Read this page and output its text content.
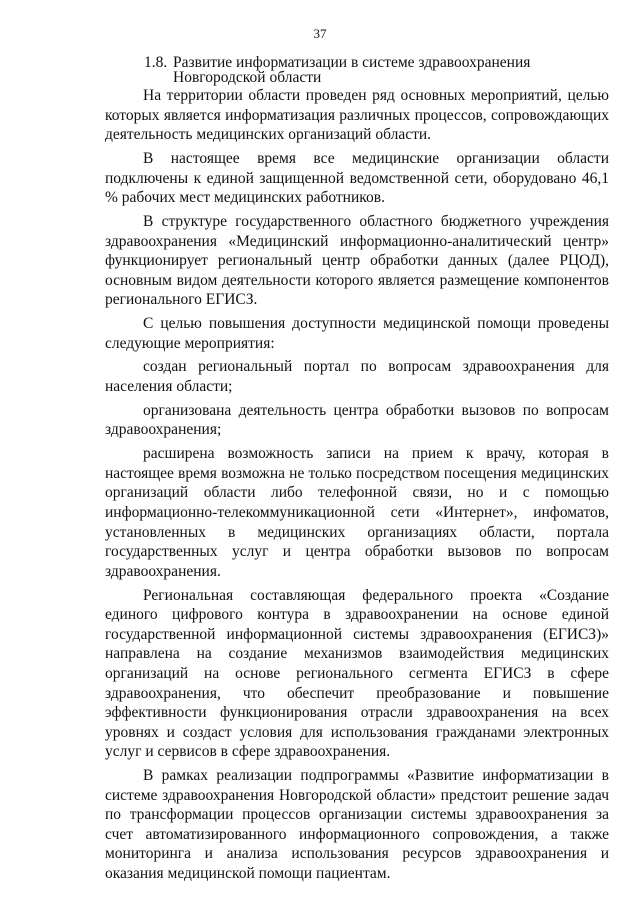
37
1.8. Развитие информатизации в системе здравоохранения
Новгородской области

На территории области проведен ряд основных мероприятий, целью которых является информатизация различных процессов, сопровождающих деятельность медицинских организаций области.

В настоящее время все медицинские организации области подключены к единой защищенной ведомственной сети, оборудовано 46,1 % рабочих мест медицинских работников.

В структуре государственного областного бюджетного учреждения здравоохранения «Медицинский информационно-аналитический центр» функционирует региональный центр обработки данных (далее РЦОД), основным видом деятельности которого является размещение компонентов регионального ЕГИСЗ.

С целью повышения доступности медицинской помощи проведены следующие мероприятия:

создан региональный портал по вопросам здравоохранения для населения области;

организована деятельность центра обработки вызовов по вопросам здравоохранения;

расширена возможность записи на прием к врачу, которая в настоящее время возможна не только посредством посещения медицинских организаций области либо телефонной связи, но и с помощью информационно-телекоммуникационной сети «Интернет», инфоматов, установленных в медицинских организациях области, портала государственных услуг и центра обработки вызовов по вопросам здравоохранения.

Региональная составляющая федерального проекта «Создание единого цифрового контура в здравоохранении на основе единой государственной информационной системы здравоохранения (ЕГИСЗ)» направлена на создание механизмов взаимодействия медицинских организаций на основе регионального сегмента ЕГИСЗ в сфере здравоохранения, что обеспечит преобразование и повышение эффективности функционирования отрасли здравоохранения на всех уровнях и создаст условия для использования гражданами электронных услуг и сервисов в сфере здравоохранения.

В рамках реализации подпрограммы «Развитие информатизации в системе здравоохранения Новгородской области» предстоит решение задач по трансформации процессов организации системы здравоохранения за счет автоматизированного информационного сопровождения, а также мониторинга и анализа использования ресурсов здравоохранения и оказания медицинской помощи пациентам.
